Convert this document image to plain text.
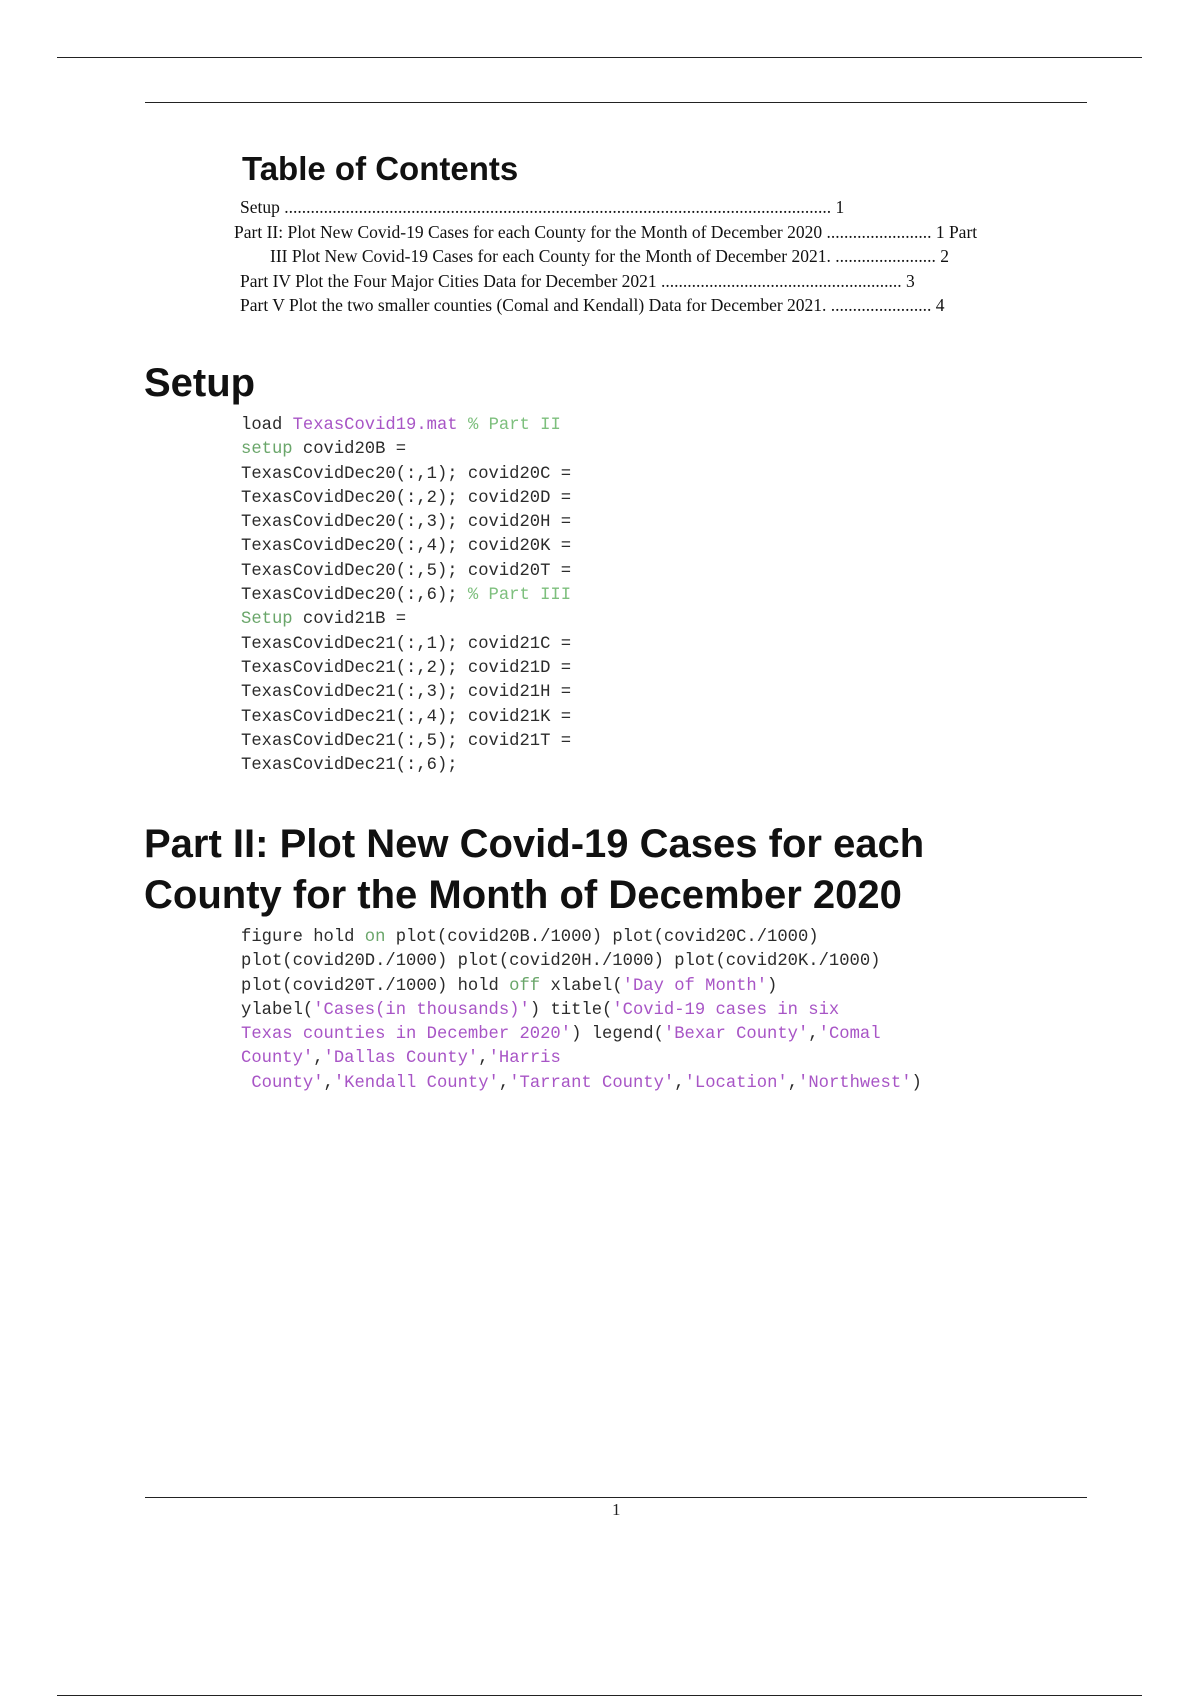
Table of Contents
Setup ............................................................................................................................. 1
Part II: Plot New Covid-19 Cases for each County for the Month of December 2020 ........................ 1 Part
III Plot New Covid-19 Cases for each County for the Month of December 2021. ....................... 2
Part IV Plot the Four Major Cities Data for December 2021 ....................................................... 3
Part V Plot the two smaller counties (Comal and Kendall) Data for December 2021. ....................... 4
Setup
load TexasCovid19.mat % Part II
setup covid20B =
TexasCovidDec20(:,1); covid20C =
TexasCovidDec20(:,2); covid20D =
TexasCovidDec20(:,3); covid20H =
TexasCovidDec20(:,4); covid20K =
TexasCovidDec20(:,5); covid20T =
TexasCovidDec20(:,6); % Part III
Setup covid21B =
TexasCovidDec21(:,1); covid21C =
TexasCovidDec21(:,2); covid21D =
TexasCovidDec21(:,3); covid21H =
TexasCovidDec21(:,4); covid21K =
TexasCovidDec21(:,5); covid21T =
TexasCovidDec21(:,6);
Part II: Plot New Covid-19 Cases for each
County for the Month of December 2020
figure hold on plot(covid20B./1000) plot(covid20C./1000)
plot(covid20D./1000) plot(covid20H./1000) plot(covid20K./1000)
plot(covid20T./1000) hold off xlabel('Day of Month')
ylabel('Cases(in thousands)') title('Covid-19 cases in six
Texas counties in December 2020') legend('Bexar County','Comal
County','Dallas County','Harris
County','Kendall County','Tarrant County','Location','Northwest')
1
